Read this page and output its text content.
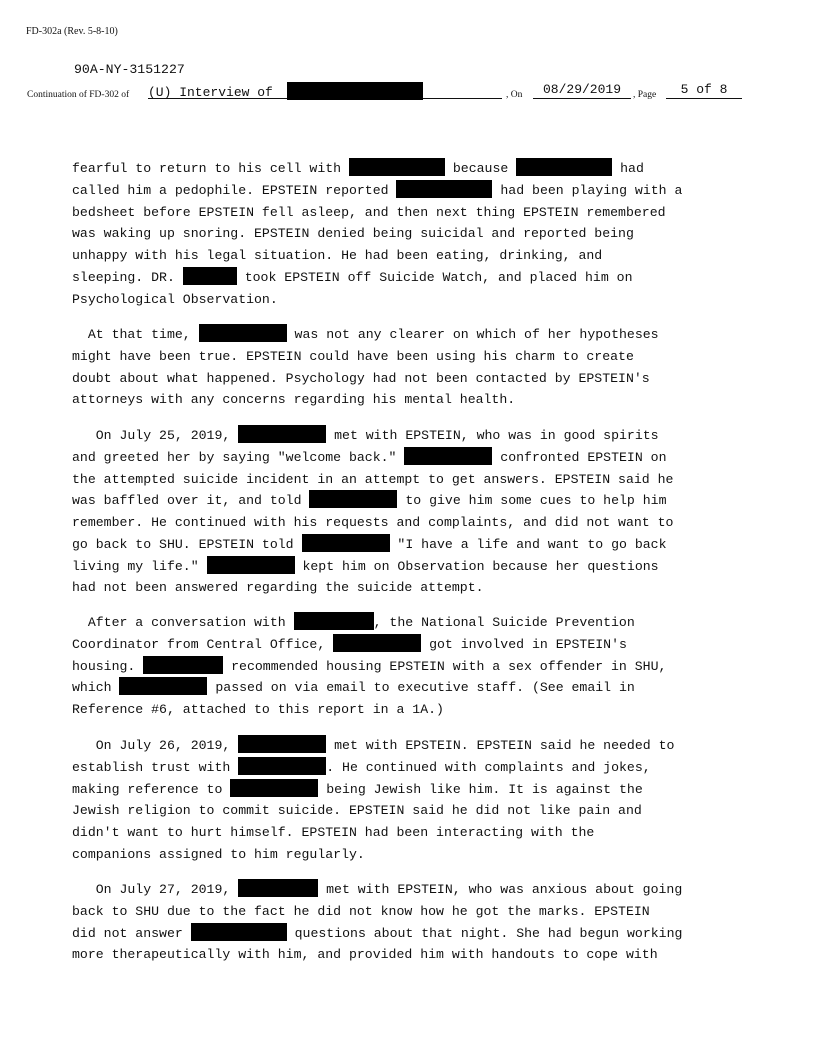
FD-302a (Rev. 5-8-10)
90A-NY-3151227
Continuation of FD-302 of (U) Interview of	, On	08/29/2019	, Page	5 of 8
fearful to return to his cell with	because	had
called him a pedophile. EPSTEIN reported	had been playing with a
bedsheet before EPSTEIN fell asleep, and then next thing EPSTEIN remembered
was waking up snoring. EPSTEIN denied being suicidal and reported being
unhappy with his legal situation. He had been eating, drinking, and
sleeping. DR.	took EPSTEIN off Suicide Watch, and placed him on
Psychological Observation.
At that time,	was not any clearer on which of her hypotheses
might have been true. EPSTEIN could have been using his charm to create
doubt about what happened. Psychology had not been contacted by EPSTEIN's
attorneys with any concerns regarding his mental health.
On July 25, 2019,	met with EPSTEIN, who was in good spirits
and greeted her by saying "welcome back."	confronted EPSTEIN on
the attempted suicide incident in an attempt to get answers. EPSTEIN said he
was baffled over it, and told	to give him some cues to help him
remember. He continued with his requests and complaints, and did not want to
go back to SHU. EPSTEIN told	"I have a life and want to go back
living my life."	kept him on Observation because her questions
had not been answered regarding the suicide attempt.
After a conversation with	, the National Suicide Prevention
Coordinator from Central Office,	got involved in EPSTEIN's
housing.	recommended housing EPSTEIN with a sex offender in SHU,
which	passed on via email to executive staff. (See email in
Reference #6, attached to this report in a 1A.)
On July 26, 2019,	met with EPSTEIN. EPSTEIN said he needed to
establish trust with	. He continued with complaints and jokes,
making reference to	being Jewish like him. It is against the
Jewish religion to commit suicide. EPSTEIN said he did not like pain and
didn't want to hurt himself. EPSTEIN had been interacting with the
companions assigned to him regularly.
On July 27, 2019,	met with EPSTEIN, who was anxious about going
back to SHU due to the fact he did not know how he got the marks. EPSTEIN
did not answer	questions about that night. She had begun working
more therapeutically with him, and provided him with handouts to cope with
